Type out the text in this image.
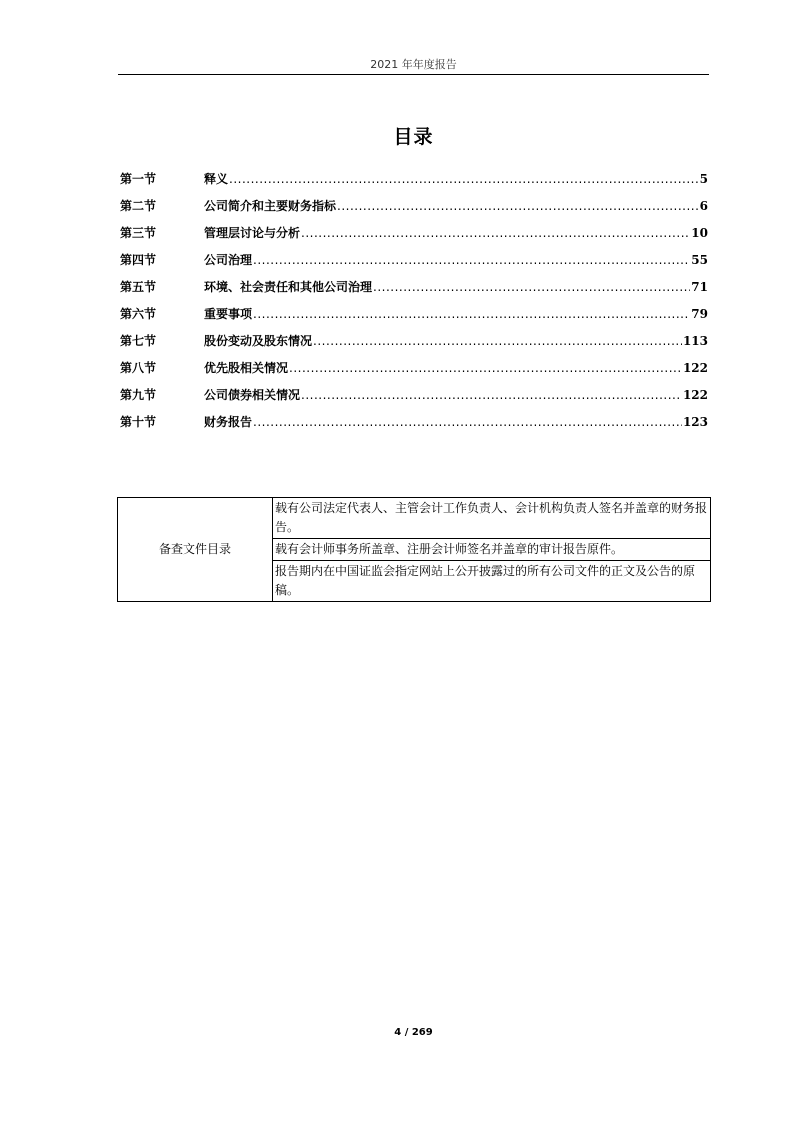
2021 年年度报告
目录
第一节	释义 .....	5
第二节	公司简介和主要财务指标 .....	6
第三节	管理层讨论与分析 .....	10
第四节	公司治理 .....	55
第五节	环境、社会责任和其他公司治理 .....	71
第六节	重要事项 .....	79
第七节	股份变动及股东情况 .....	113
第八节	优先股相关情况 .....	122
第九节	公司债券相关情况 .....	122
第十节	财务报告 .....	123
备查文件目录	载有公司法定代表人、主管会计工作负责人、会计机构负责人签名并盖章的财务报告。
载有会计师事务所盖章、注册会计师签名并盖章的审计报告原件。
报告期内在中国证监会指定网站上公开披露过的所有公司文件的正文及公告的原稿。
4 / 269
